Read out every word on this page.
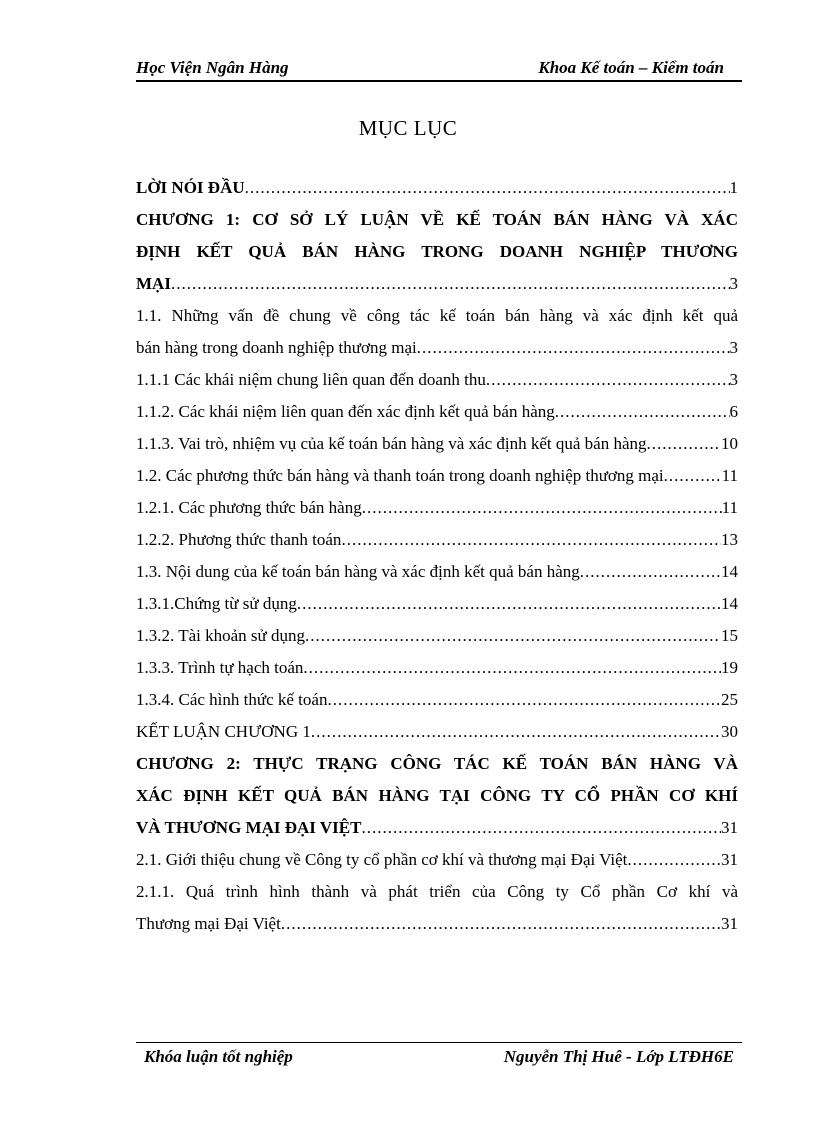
Học Viện Ngân Hàng	Khoa Kế toán – Kiểm toán
MỤC LỤC
LỜI NÓI ĐẦU .....	1
CHƯƠNG 1: CƠ SỞ LÝ LUẬN VỀ KẾ TOÁN BÁN HÀNG VÀ XÁC
ĐỊNH KẾT QUẢ BÁN HÀNG TRONG DOANH NGHIỆP THƯƠNG
MẠI .....	3
1.1. Những vấn đề chung về công tác kế toán bán hàng và xác định kết quả
bán hàng trong doanh nghiệp thương mại .....	3
1.1.1 Các khái niệm chung liên quan đến doanh thu .....	3
1.1.2. Các khái niệm liên quan đến xác định kết quả bán hàng .....	6
1.1.3. Vai trò, nhiệm vụ của kế toán bán hàng và xác định kết quả bán hàng .....	10
1.2. Các phương thức bán hàng và thanh toán trong doanh nghiệp thương mại .....	11
1.2.1. Các phương thức bán hàng .....	11
1.2.2. Phương thức thanh toán .....	13
1.3. Nội dung của kế toán bán hàng và xác định kết quả bán hàng .....	14
1.3.1.Chứng từ sử dụng .....	14
1.3.2. Tài khoản sử dụng .....	15
1.3.3. Trình tự hạch toán .....	19
1.3.4. Các hình thức kế toán .....	25
KẾT LUẬN CHƯƠNG 1 .....	30
CHƯƠNG 2: THỰC TRẠNG CÔNG TÁC KẾ TOÁN BÁN HÀNG VÀ
XÁC ĐỊNH KẾT QUẢ BÁN HÀNG TẠI CÔNG TY CỔ PHẦN CƠ KHÍ
VÀ THƯƠNG MẠI ĐẠI VIỆT .....	31
2.1. Giới thiệu chung về Công ty cổ phần cơ khí và thương mại Đại Việt .....	31
2.1.1. Quá trình hình thành và phát triển của Công ty Cổ phần Cơ khí và
Thương mại Đại Việt .....	31
Khóa luận tốt nghiệp	Nguyễn Thị Huê - Lớp LTĐH6E
